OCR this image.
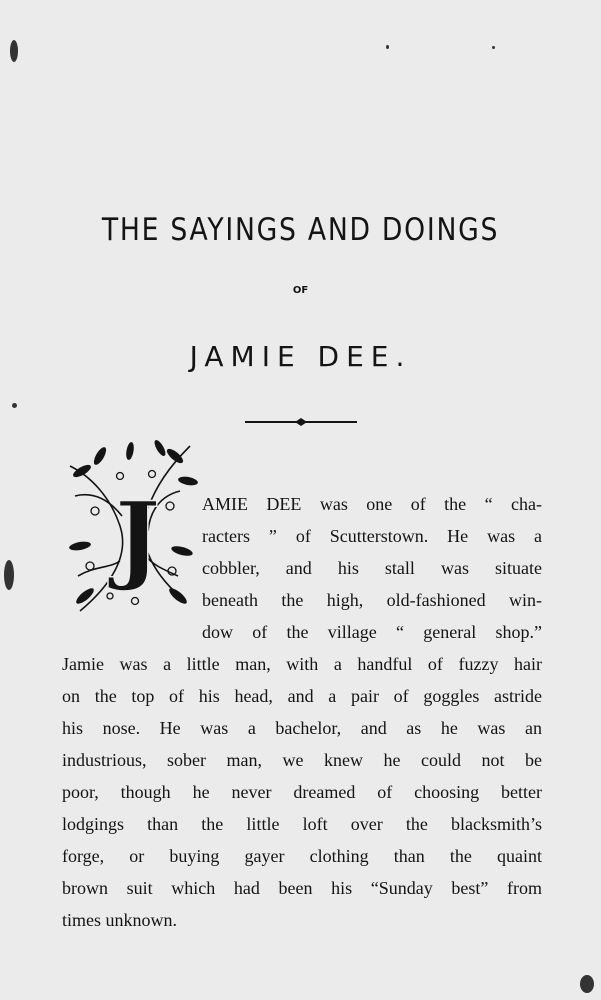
THE SAYINGS AND DOINGS
OF
JAMIE DEE.
J AMIE DEE was one of the “ cha-
racters ” of Scutterstown. He was a
cobbler, and his stall was situate
beneath the high, old-fashioned win-
dow of the village “ general shop.”
Jamie was a little man, with a handful of fuzzy hair
on the top of his head, and a pair of goggles astride
his nose. He was a bachelor, and as he was an
industrious, sober man, we knew he could not be
poor, though he never dreamed of choosing better
lodgings than the little loft over the blacksmith’s
forge, or buying gayer clothing than the quaint
brown suit which had been his “Sunday best” from
times unknown.
